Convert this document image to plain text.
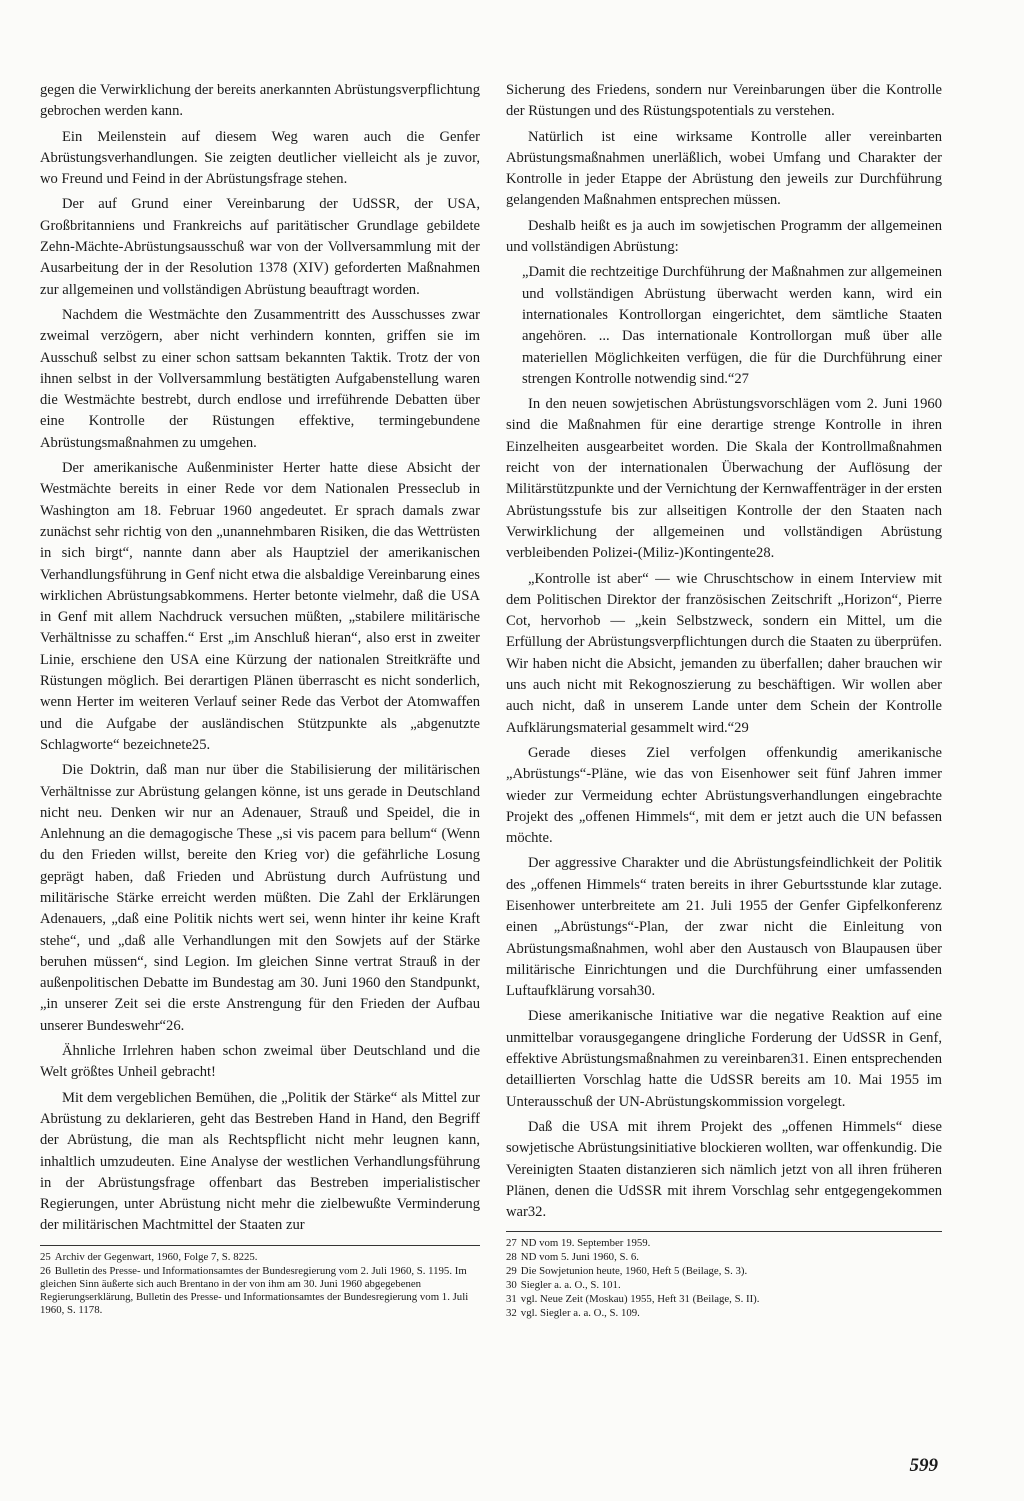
gegen die Verwirklichung der bereits anerkannten Abrüstungsverpflichtung gebrochen werden kann.

Ein Meilenstein auf diesem Weg waren auch die Genfer Abrüstungsverhandlungen. Sie zeigten deutlicher vielleicht als je zuvor, wo Freund und Feind in der Abrüstungsfrage stehen.

Der auf Grund einer Vereinbarung der UdSSR, der USA, Großbritanniens und Frankreichs auf paritätischer Grundlage gebildete Zehn-Mächte-Abrüstungsausschuß war von der Vollversammlung mit der Ausarbeitung der in der Resolution 1378 (XIV) geforderten Maßnahmen zur allgemeinen und vollständigen Abrüstung beauftragt worden.

Nachdem die Westmächte den Zusammentritt des Ausschusses zwar zweimal verzögern, aber nicht verhindern konnten, griffen sie im Ausschuß selbst zu einer schon sattsam bekannten Taktik. Trotz der von ihnen selbst in der Vollversammlung bestätigten Aufgabenstellung waren die Westmächte bestrebt, durch endlose und irreführende Debatten über eine Kontrolle der Rüstungen effektive, termingebundene Abrüstungsmaßnahmen zu umgehen.

Der amerikanische Außenminister Herter hatte diese Absicht der Westmächte bereits in einer Rede vor dem Nationalen Presseclub in Washington am 18. Februar 1960 angedeutet. Er sprach damals zwar zunächst sehr richtig von den „unannehmbaren Risiken, die das Wettrüsten in sich birgt“, nannte dann aber als Hauptziel der amerikanischen Verhandlungsführung in Genf nicht etwa die alsbaldige Vereinbarung eines wirklichen Abrüstungsabkommens. Herter betonte vielmehr, daß die USA in Genf mit allem Nachdruck versuchen müßten, „stabilere militärische Verhältnisse zu schaffen.“ Erst „im Anschluß hieran“, also erst in zweiter Linie, erschiene den USA eine Kürzung der nationalen Streitkräfte und Rüstungen möglich. Bei derartigen Plänen überrascht es nicht sonderlich, wenn Herter im weiteren Verlauf seiner Rede das Verbot der Atomwaffen und die Aufgabe der ausländischen Stützpunkte als „abgenutzte Schlagworte“ bezeichnete25.

Die Doktrin, daß man nur über die Stabilisierung der militärischen Verhältnisse zur Abrüstung gelangen könne, ist uns gerade in Deutschland nicht neu. Denken wir nur an Adenauer, Strauß und Speidel, die in Anlehnung an die demagogische These „si vis pacem para bellum“ (Wenn du den Frieden willst, bereite den Krieg vor) die gefährliche Losung geprägt haben, daß Frieden und Abrüstung durch Aufrüstung und militärische Stärke erreicht werden müßten. Die Zahl der Erklärungen Adenauers, „daß eine Politik nichts wert sei, wenn hinter ihr keine Kraft stehe“, und „daß alle Verhandlungen mit den Sowjets auf der Stärke beruhen müssen“, sind Legion. Im gleichen Sinne vertrat Strauß in der außenpolitischen Debatte im Bundestag am 30. Juni 1960 den Standpunkt, „in unserer Zeit sei die erste Anstrengung für den Frieden der Aufbau unserer Bundeswehr“26.

Ähnliche Irrlehren haben schon zweimal über Deutschland und die Welt größtes Unheil gebracht!

Mit dem vergeblichen Bemühen, die „Politik der Stärke“ als Mittel zur Abrüstung zu deklarieren, geht das Bestreben Hand in Hand, den Begriff der Abrüstung, die man als Rechtspflicht nicht mehr leugnen kann, inhaltlich umzudeuten. Eine Analyse der westlichen Verhandlungsführung in der Abrüstungsfrage offenbart das Bestreben imperialistischer Regierungen, unter Abrüstung nicht mehr die zielbewußte Verminderung der militärischen Machtmittel der Staaten zur

25 Archiv der Gegenwart, 1960, Folge 7, S. 8225.

26 Bulletin des Presse- und Informationsamtes der Bundesregierung vom 2. Juli 1960, S. 1195. Im gleichen Sinn äußerte sich auch Brentano in der von ihm am 30. Juni 1960 abgegebenen Regierungserklärung, Bulletin des Presse- und Informationsamtes der Bundesregierung vom 1. Juli 1960, S. 1178.

Sicherung des Friedens, sondern nur Vereinbarungen über die Kontrolle der Rüstungen und des Rüstungspotentials zu verstehen.

Natürlich ist eine wirksame Kontrolle aller vereinbarten Abrüstungsmaßnahmen unerläßlich, wobei Umfang und Charakter der Kontrolle in jeder Etappe der Abrüstung den jeweils zur Durchführung gelangenden Maßnahmen entsprechen müssen.

Deshalb heißt es ja auch im sowjetischen Programm der allgemeinen und vollständigen Abrüstung:

„Damit die rechtzeitige Durchführung der Maßnahmen zur allgemeinen und vollständigen Abrüstung überwacht werden kann, wird ein internationales Kontrollorgan eingerichtet, dem sämtliche Staaten angehören. ... Das internationale Kontrollorgan muß über alle materiellen Möglichkeiten verfügen, die für die Durchführung einer strengen Kontrolle notwendig sind.“27

In den neuen sowjetischen Abrüstungsvorschlägen vom 2. Juni 1960 sind die Maßnahmen für eine derartige strenge Kontrolle in ihren Einzelheiten ausgearbeitet worden. Die Skala der Kontrollmaßnahmen reicht von der internationalen Überwachung der Auflösung der Militärstützpunkte und der Vernichtung der Kernwaffenträger in der ersten Abrüstungsstufe bis zur allseitigen Kontrolle der den Staaten nach Verwirklichung der allgemeinen und vollständigen Abrüstung verbleibenden Polizei-(Miliz-)Kontingente28.

„Kontrolle ist aber“ — wie Chruschtschow in einem Interview mit dem Politischen Direktor der französischen Zeitschrift „Horizon“, Pierre Cot, hervorhob — „kein Selbstzweck, sondern ein Mittel, um die Erfüllung der Abrüstungsverpflichtungen durch die Staaten zu überprüfen. Wir haben nicht die Absicht, jemanden zu überfallen; daher brauchen wir uns auch nicht mit Rekognoszierung zu beschäftigen. Wir wollen aber auch nicht, daß in unserem Lande unter dem Schein der Kontrolle Aufklärungsmaterial gesammelt wird.“29

Gerade dieses Ziel verfolgen offenkundig amerikanische „Abrüstungs“-Pläne, wie das von Eisenhower seit fünf Jahren immer wieder zur Vermeidung echter Abrüstungsverhandlungen eingebrachte Projekt des „offenen Himmels“, mit dem er jetzt auch die UN befassen möchte.

Der aggressive Charakter und die Abrüstungsfeindlichkeit der Politik des „offenen Himmels“ traten bereits in ihrer Geburtsstunde klar zutage. Eisenhower unterbreitete am 21. Juli 1955 der Genfer Gipfelkonferenz einen „Abrüstungs“-Plan, der zwar nicht die Einleitung von Abrüstungsmaßnahmen, wohl aber den Austausch von Blaupausen über militärische Einrichtungen und die Durchführung einer umfassenden Luftaufklärung vorsah30.

Diese amerikanische Initiative war die negative Reaktion auf eine unmittelbar vorausgegangene dringliche Forderung der UdSSR in Genf, effektive Abrüstungsmaßnahmen zu vereinbaren31. Einen entsprechenden detaillierten Vorschlag hatte die UdSSR bereits am 10. Mai 1955 im Unterausschuß der UN-Abrüstungskommission vorgelegt.

Daß die USA mit ihrem Projekt des „offenen Himmels“ diese sowjetische Abrüstungsinitiative blockieren wollten, war offenkundig. Die Vereinigten Staaten distanzieren sich nämlich jetzt von all ihren früheren Plänen, denen die UdSSR mit ihrem Vorschlag sehr entgegengekommen war32.

27 ND vom 19. September 1959.

28 ND vom 5. Juni 1960, S. 6.

29 Die Sowjetunion heute, 1960, Heft 5 (Beilage, S. 3).

30 Siegler a. a. O., S. 101.

31 vgl. Neue Zeit (Moskau) 1955, Heft 31 (Beilage, S. II).

32 vgl. Siegler a. a. O., S. 109.

599
